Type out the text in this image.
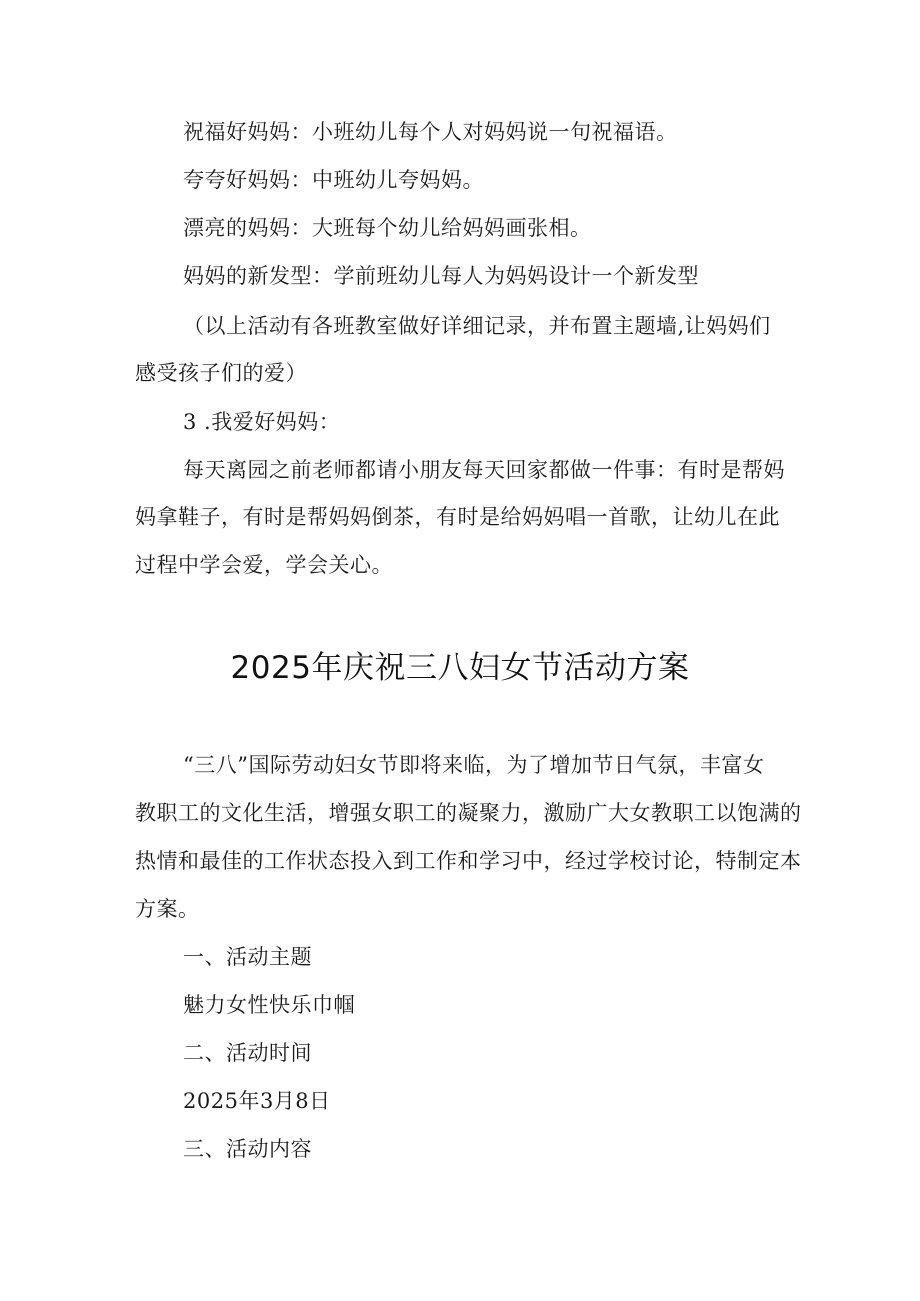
祝福好妈妈：小班幼儿每个人对妈妈说一句祝福语。
夸夸好妈妈：中班幼儿夸妈妈。
漂亮的妈妈：大班每个幼儿给妈妈画张相。
妈妈的新发型：学前班幼儿每人为妈妈设计一个新发型
（以上活动有各班教室做好详细记录，并布置主题墙,让妈妈们
感受孩子们的爱）
3 .我爱好妈妈：
每天离园之前老师都请小朋友每天回家都做一件事：有时是帮妈
妈拿鞋子，有时是帮妈妈倒茶，有时是给妈妈唱一首歌，让幼儿在此
过程中学会爱，学会关心。
2025年庆祝三八妇女节活动方案
“三八”国际劳动妇女节即将来临，为了增加节日气氛，丰富女
教职工的文化生活，增强女职工的凝聚力，激励广大女教职工以饱满的
热情和最佳的工作状态投入到工作和学习中，经过学校讨论，特制定本
方案。
一、活动主题
魅力女性快乐巾帼
二、活动时间
2025年3月8日
三、活动内容
